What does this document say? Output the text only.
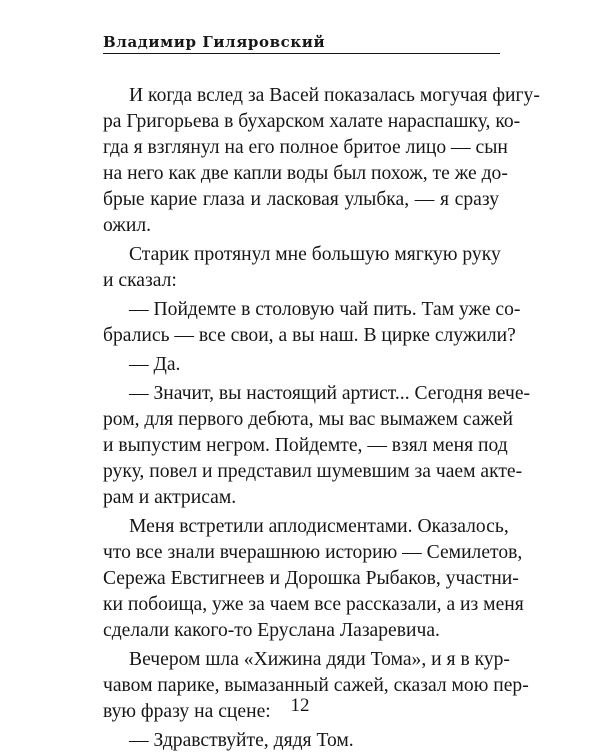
Владимир Гиляровский
И когда вслед за Васей показалась могучая фигу-
ра Григорьева в бухарском халате нараспашку, ко-
гда я взглянул на его полное бритое лицо — сын
на него как две капли воды был похож, те же до-
брые карие глаза и ласковая улыбка, — я сразу
ожил.
Старик протянул мне большую мягкую руку
и сказал:
— Пойдемте в столовую чай пить. Там уже со-
брались — все свои, а вы наш. В цирке служили?
— Да.
— Значит, вы настоящий артист... Сегодня вече-
ром, для первого дебюта, мы вас вымажем сажей
и выпустим негром. Пойдемте, — взял меня под
руку, повел и представил шумевшим за чаем актe-
рам и актрисам.
Меня встретили аплодисментами. Оказалось,
что все знали вчерашнюю историю — Семилетов,
Сережа Евстигнеев и Дорошка Рыбаков, участни-
ки побоища, уже за чаем все рассказали, а из меня
сделали какого-то Еруслана Лазаревича.
Вечером шла «Хижина дяди Тома», и я в кур-
чавом парике, вымазанный сажей, сказал мою пер-
вую фразу на сцене:
— Здравствуйте, дядя Том.
12
